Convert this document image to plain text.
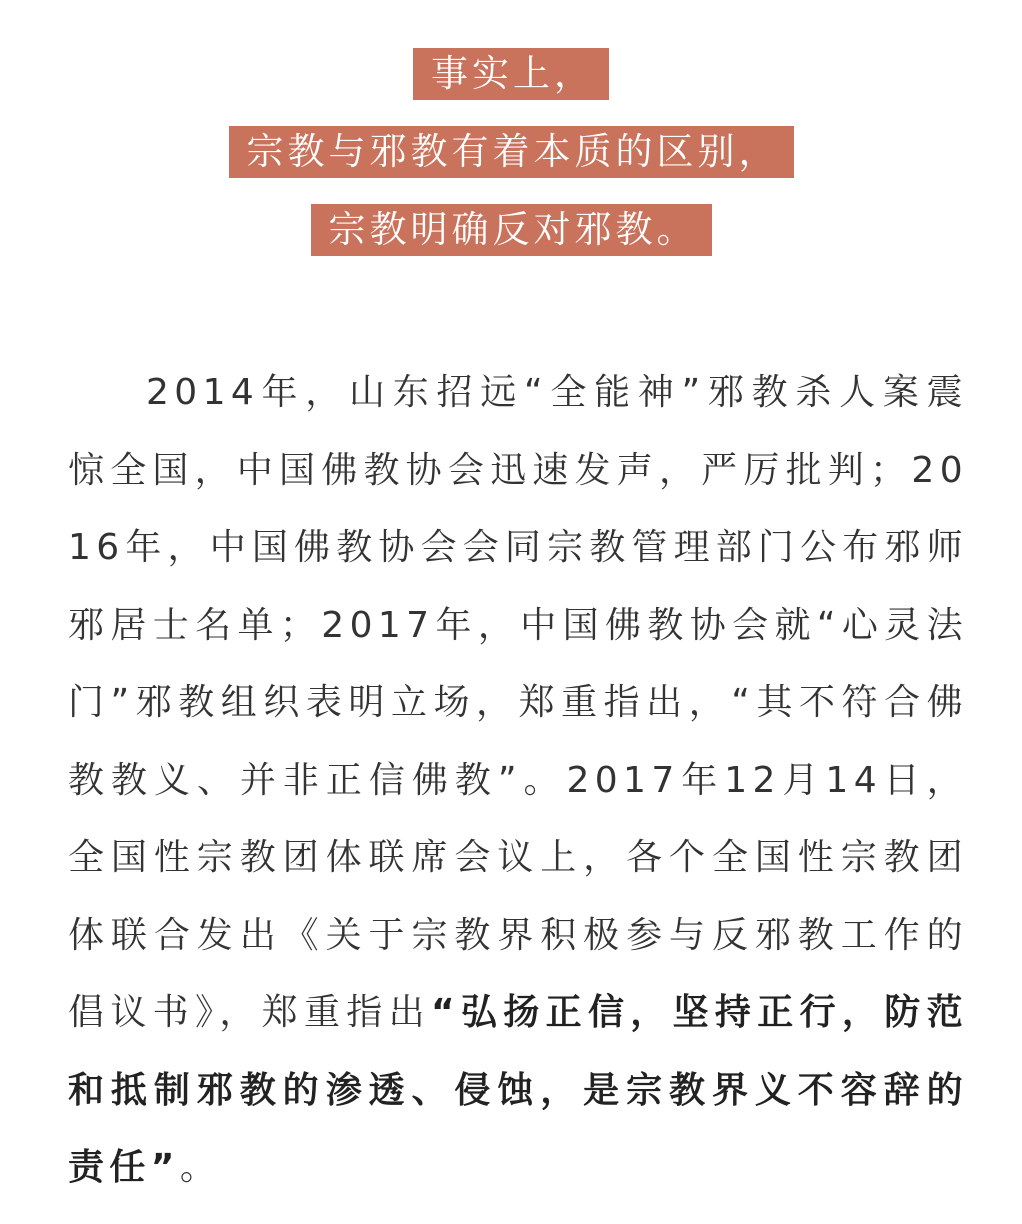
事实上，
宗教与邪教有着本质的区别，
宗教明确反对邪教。

2014年，山东招远“全能神”邪教杀人案震惊全国，中国佛教协会迅速发声，严厉批判；2016年，中国佛教协会会同宗教管理部门公布邪师邪居士名单；2017年，中国佛教协会就“心灵法门”邪教组织表明立场，郑重指出，“其不符合佛教教义、并非正信佛教”。2017年12月14日，全国性宗教团体联席会议上，各个全国性宗教团体联合发出《关于宗教界积极参与反邪教工作的倡议书》，郑重指出“弘扬正信，坚持正行，防范和抵制邪教的渗透、侵蚀，是宗教界义不容辞的责任”。
